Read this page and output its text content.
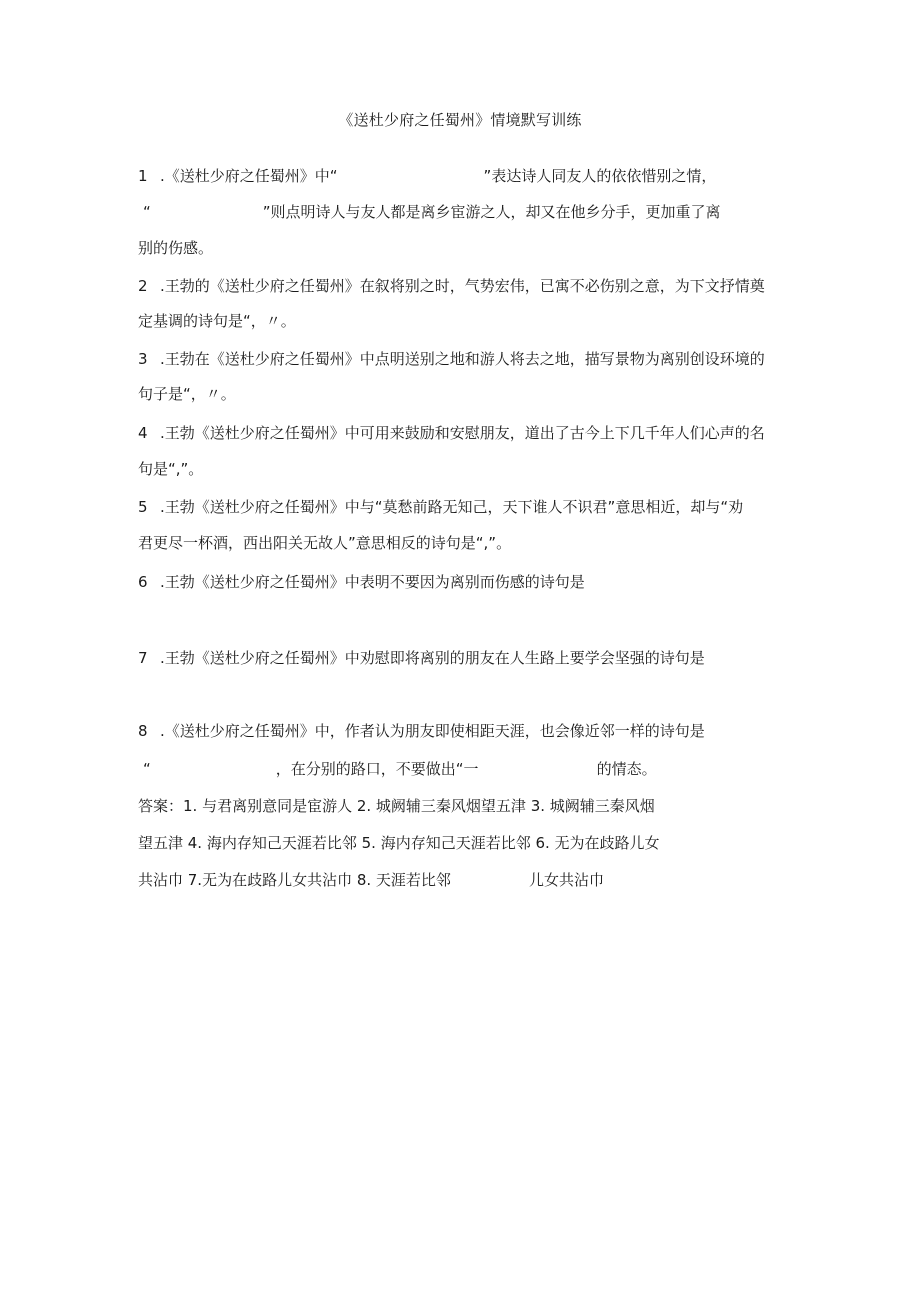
《送杜少府之任蜀州》情境默写训练
1 .《送杜少府之任蜀州》中“	”表达诗人同友人的依依惜别之情，
“	”则点明诗人与友人都是离乡宦游之人，却又在他乡分手，更加重了离
别的伤感。
2 .王勃的《送杜少府之任蜀州》在叙将别之时，气势宏伟，已寓不必伤别之意，为下文抒情奠
定基调的诗句是“，〃。
3 .王勃在《送杜少府之任蜀州》中点明送别之地和游人将去之地，描写景物为离别创设环境的
句子是“，〃。
4 .王勃《送杜少府之任蜀州》中可用来鼓励和安慰朋友，道出了古今上下几千年人们心声的名
句是“,”。
5 .王勃《送杜少府之任蜀州》中与“莫愁前路无知己，天下谁人不识君”意思相近，却与“劝
君更尽一杯酒，西出阳关无故人”意思相反的诗句是“,”。
6 .王勃《送杜少府之任蜀州》中表明不要因为离别而伤感的诗句是
7 .王勃《送杜少府之任蜀州》中劝慰即将离别的朋友在人生路上要学会坚强的诗句是
8 .《送杜少府之任蜀州》中，作者认为朋友即使相距天涯，也会像近邻一样的诗句是
“	，在分别的路口，不要做出“一	的情态。
答案：1. 与君离别意同是宦游人 2. 城阙辅三秦风烟望五津 3. 城阙辅三秦风烟
望五津 4. 海内存知己天涯若比邻 5. 海内存知己天涯若比邻 6. 无为在歧路儿女
共沾巾 7.无为在歧路儿女共沾巾 8. 天涯若比邻	儿女共沾巾
